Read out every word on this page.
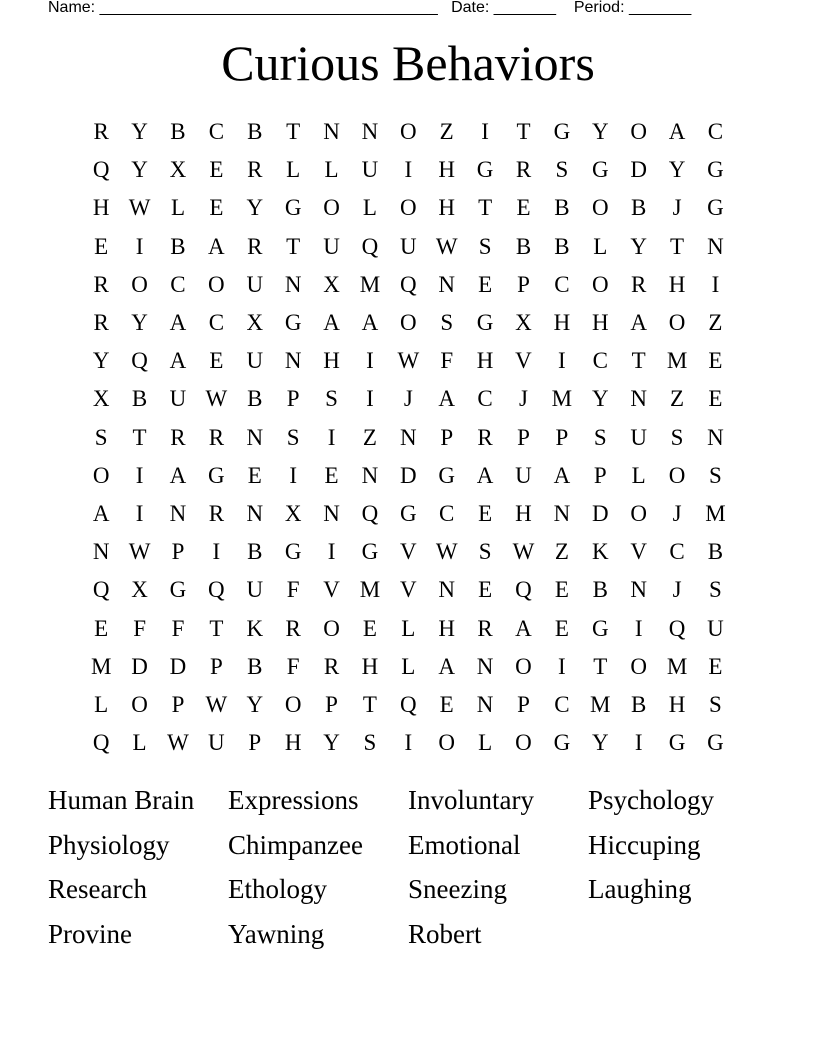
Name: ______________________________________ Date: _______ Period: _______
Curious Behaviors
R Y B	C	B	T	N N O	Z	I	T	G Y O A C
Q Y X	E	R	L	L	U	I	H G R	S	G D Y G
H W L	E	Y G O	L	O H	T	E	B O B	J	G
E	I	B A R	T	U Q U W S	B	B	L	Y	T	N
R O C O U N X M Q N	E	P	C O R H	I
R Y A C X G A A O	S	G X H H A O	Z
Y Q A	E	U N H	I	W F	H V	I	C	T M E
X B U W B	P	S	I	J	A C	J	M Y N	Z	E
S	T	R	R N	S	I	Z	N	P	R	P	P	S	U	S	N
O	I	A G	E	I	E	N D G A U A	P	L	O	S
A	I	N R N X N Q G C	E	H N D O	J	M
N W P	I	B G	I	G V W S W Z	K V C	B
Q X G Q U	F	V M V N	E	Q	E	B N	J	S
E	F	F	T	K R O	E	L	H R A	E	G	I	Q U
M D D	P	B	F	R H	L	A N O	I	T	O M E
L	O	P W Y O	P	T	Q	E	N	P	C M B H	S
Q	L W U	P	H Y	S	I	O	L	O G Y	I	G G
Human Brain	Expressions	Involuntary	Psychology
Physiology	Chimpanzee	Emotional	Hiccuping
Research	Ethology	Sneezing	Laughing
Provine	Yawning	Robert
